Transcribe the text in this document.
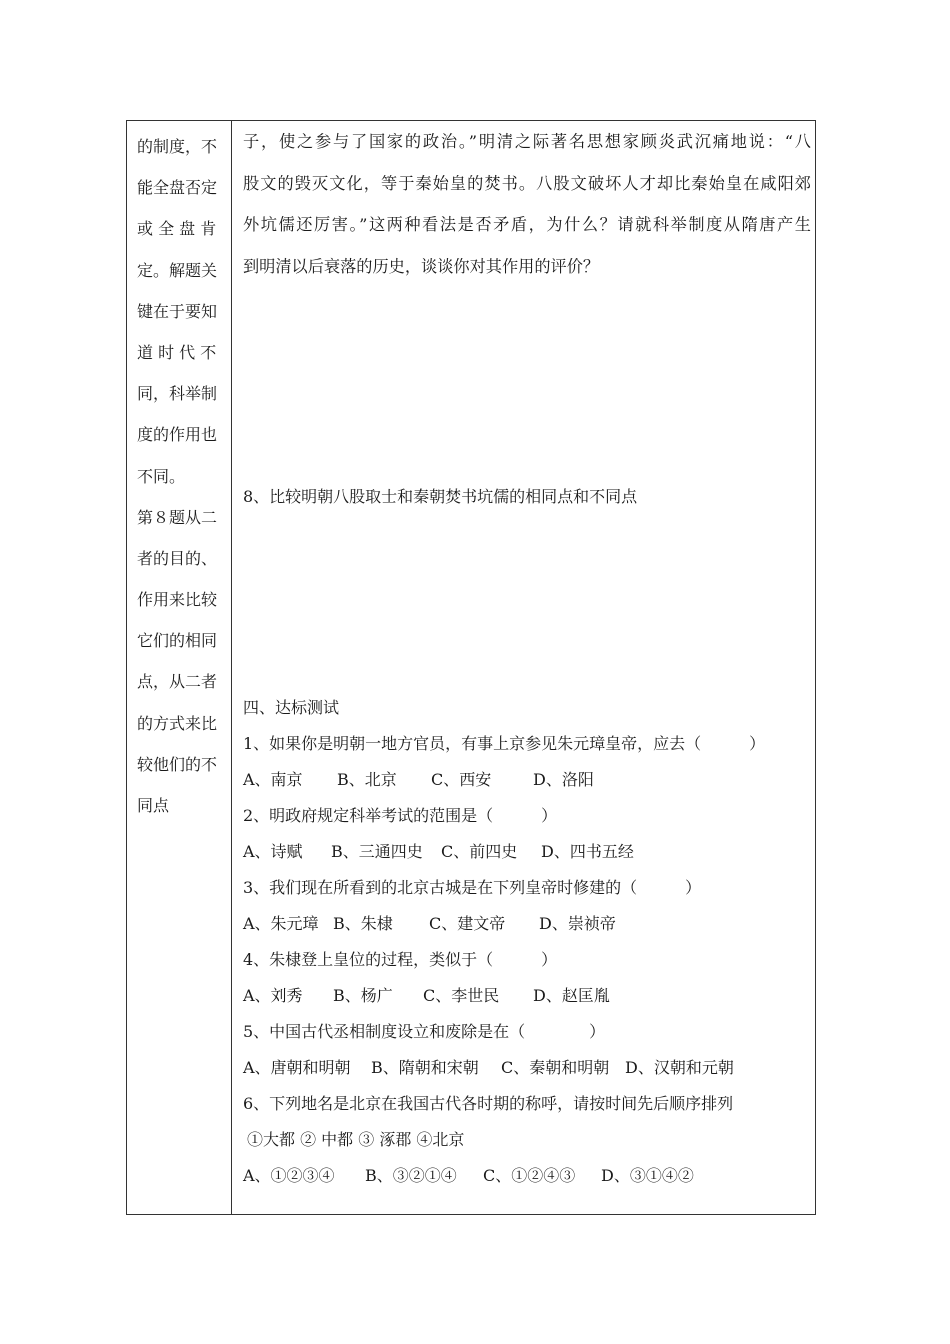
的制度，不
能全盘否定
或 全 盘 肯
定。解题关
键在于要知
道 时 代 不
同，科举制
度的作用也
不同。
第８题从二
者的目的、
作用来比较
它们的相同
点，从二者
的方式来比
较他们的不
同点
子，使之参与了国家的政治。”明清之际著名思想家顾炎武沉痛地说：“八
股文的毁灭文化，等于秦始皇的焚书。八股文破坏人才却比秦始皇在咸阳郊
外坑儒还厉害。”这两种看法是否矛盾，为什么？请就科举制度从隋唐产生
到明清以后衰落的历史，谈谈你对其作用的评价？
8、比较明朝八股取士和秦朝焚书坑儒的相同点和不同点
四、达标测试
1、如果你是明朝一地方官员，有事上京参见朱元璋皇帝，应去（　　　）
A、南京 B、北京 C、西安	D、洛阳
2、明政府规定科举考试的范围是（　　　）
A、诗赋 B、三通四史 C、前四史 D、四书五经
3、我们现在所看到的北京古城是在下列皇帝时修建的（　　　）
A、朱元璋 B、朱棣 C、建文帝 D、崇祯帝
4、朱棣登上皇位的过程，类似于（　　　）
A、刘秀 B、杨广 C、李世民 D、赵匡胤
5、中国古代丞相制度设立和废除是在（　　　　）
A、唐朝和明朝 B、隋朝和宋朝 C、秦朝和明朝 D、汉朝和元朝
6、下列地名是北京在我国古代各时期的称呼，请按时间先后顺序排列
①大都 ② 中都 ③ 涿郡 ④北京
A、①②③④ B、③②①④ C、①②④③ D、③①④②
